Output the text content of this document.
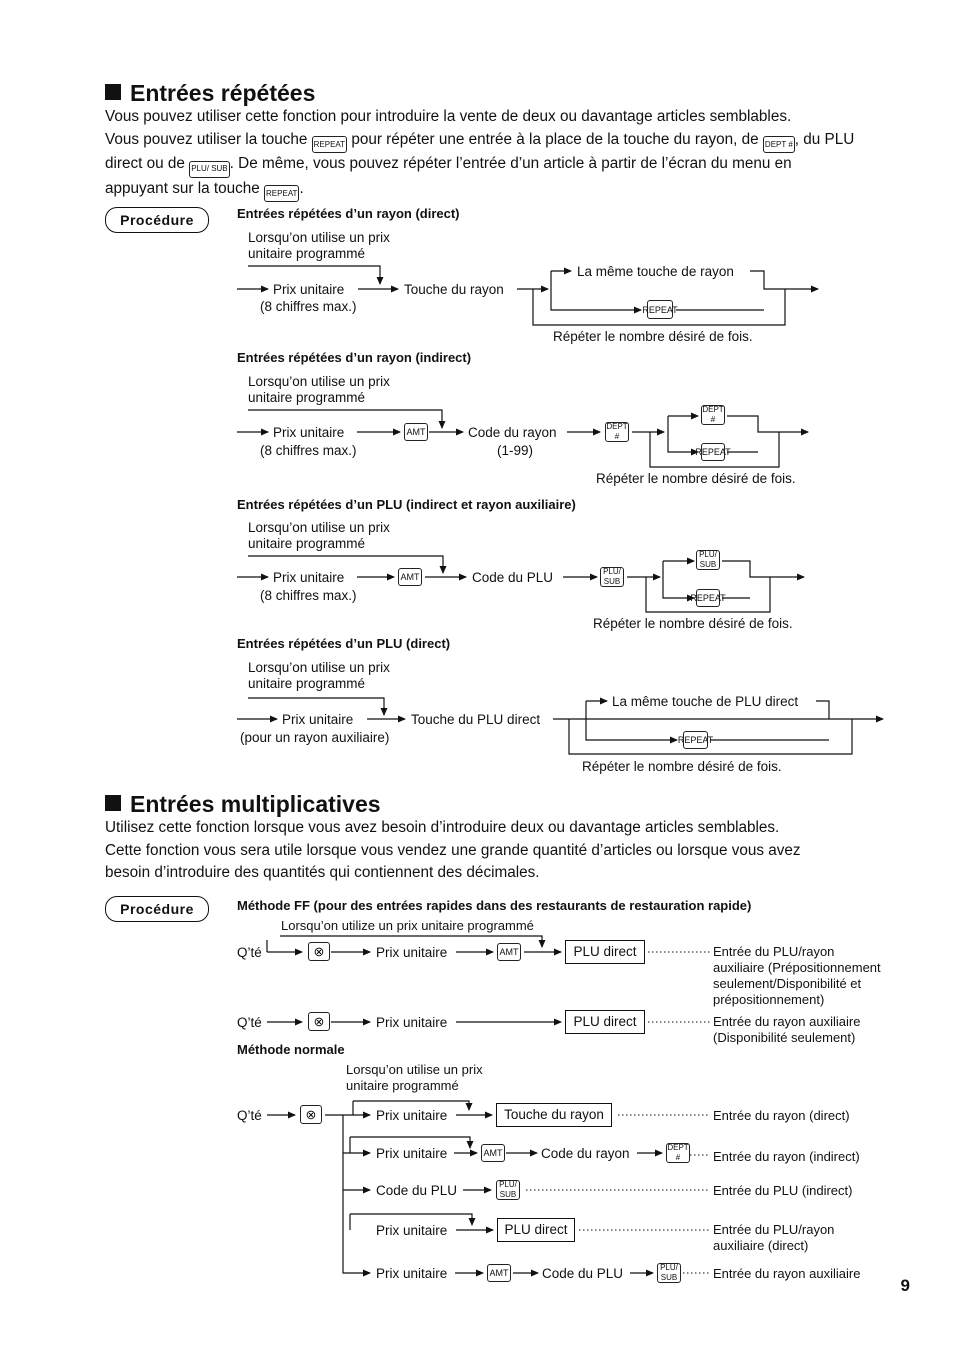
Entrées répétées

Vous pouvez utiliser cette fonction pour introduire la vente de deux ou davantage articles semblables.
Vous pouvez utiliser la touche REPEAT pour répéter une entrée à la place de la touche du rayon, de DEPT # , du PLU
direct ou de PLU/ SUB . De même, vous pouvez répéter l’entrée d’un article à partir de l’écran du menu en
appuyant sur la touche REPEAT .

Procédure	Entrées répétées d’un rayon (direct)
Lorsqu’on utilise un prix
unitaire programmé
Prix unitaire
(8 chiffres max.)
Touche du rayon
La même touche de rayon
REPEAT
Répéter le nombre désiré de fois.
Entrées répétées d’un rayon (indirect)
Lorsqu’on utilise un prix
unitaire programmé
Prix unitaire
(8 chiffres max.)
AMT	Code du rayon
(1-99)
DEPT #
DEPT #
REPEAT
Répéter le nombre désiré de fois.
Entrées répétées d’un PLU (indirect et rayon auxiliaire)
Lorsqu’on utilise un prix
unitaire programmé
Prix unitaire
(8 chiffres max.)
AMT	Code du PLU	PLU/ SUB
PLU/ SUB
REPEAT
Répéter le nombre désiré de fois.
Entrées répétées d’un PLU (direct)
Lorsqu’on utilise un prix
unitaire programmé
Prix unitaire
(pour un rayon auxiliaire)
Touche du PLU direct
La même touche de PLU direct
REPEAT
Répéter le nombre désiré de fois.
Entrées multiplicatives

Utilisez cette fonction lorsque vous avez besoin d’introduire deux ou davantage articles semblables.
Cette fonction vous sera utile lorsque vous vendez une grande quantité d’articles ou lorsque vous avez
besoin d’introduire des quantités qui contiennent des décimales.

Procédure	Méthode FF (pour des entrées rapides dans des restaurants de restauration rapide)
Lorsqu’on utilize un prix unitaire programmé
Q’té	⊗	Prix unitaire	AMT	PLU direct	Entrée du PLU/rayon
auxiliaire (Prépositionnement
seulement/Disponibilité et
prépositionnement)
Q’té	⊗	Prix unitaire	PLU direct	Entrée du rayon auxiliaire
(Disponibilité seulement)
Méthode normale
Lorsqu’on utilise un prix
unitaire programmé
Q’té	⊗	Prix unitaire	Touche du rayon	Entrée du rayon (direct)
Prix unitaire	AMT	Code du rayon	DEPT #	Entrée du rayon (indirect)
Code du PLU	PLU/ SUB	Entrée du PLU (indirect)
Prix unitaire	PLU direct	Entrée du PLU/rayon
auxiliaire (direct)
Prix unitaire	AMT Code du PLU	PLU/ SUB	Entrée du rayon auxiliaire
9
